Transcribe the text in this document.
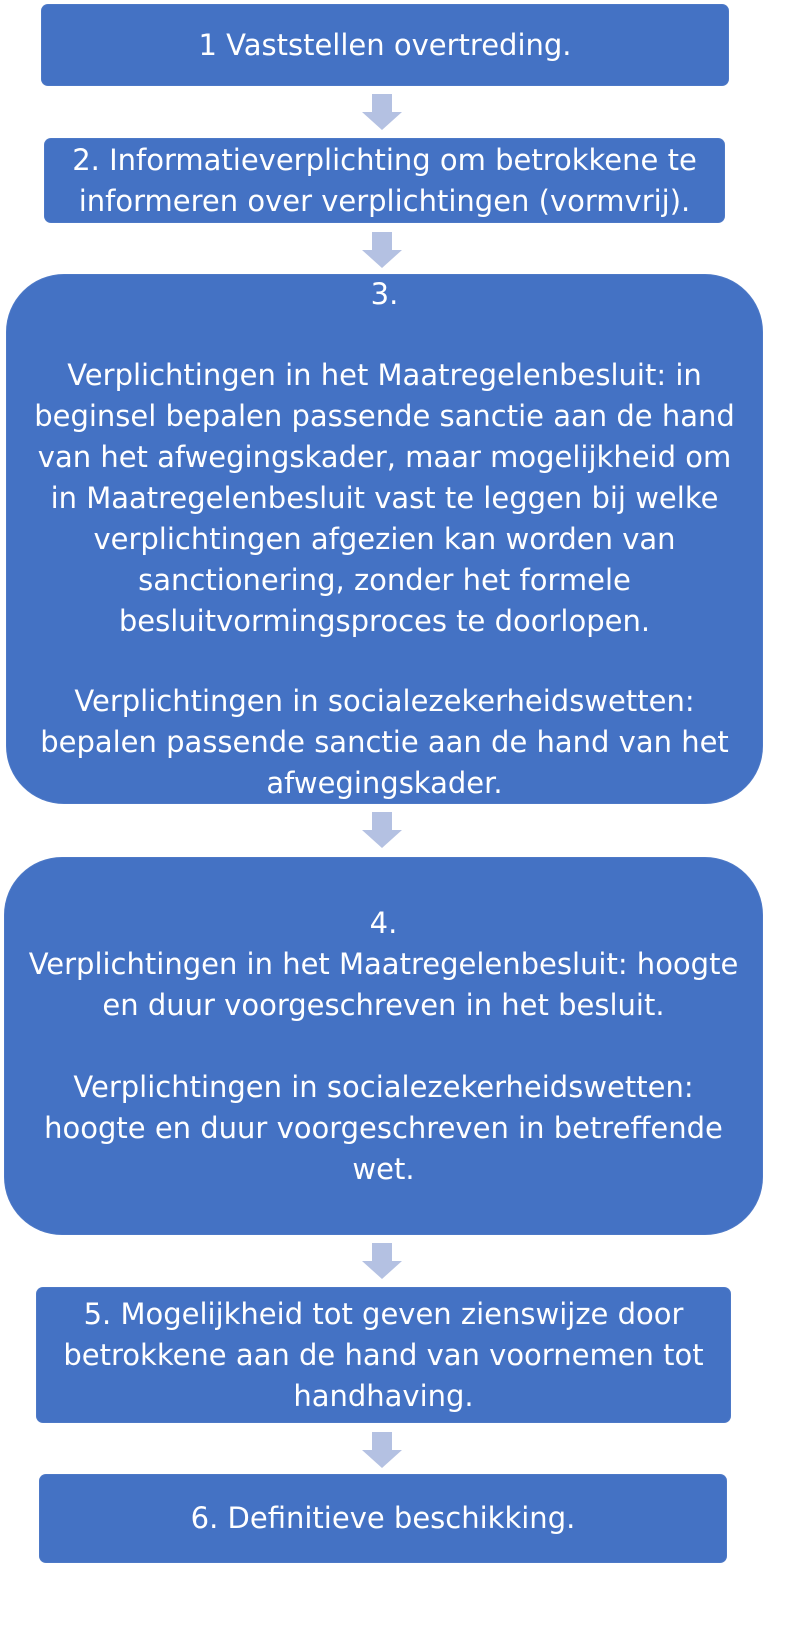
1 Vaststellen overtreding.
2. Informatieverplichting om betrokkene te
informeren over verplichtingen (vormvrij).
3.
Verplichtingen in het Maatregelenbesluit: in
beginsel bepalen passende sanctie aan de hand
van het afwegingskader, maar mogelijkheid om
in Maatregelenbesluit vast te leggen bij welke
verplichtingen afgezien kan worden van
sanctionering, zonder het formele
besluitvormingsproces te doorlopen.
Verplichtingen in socialezekerheidswetten:
bepalen passende sanctie aan de hand van het
afwegingskader.
4.
Verplichtingen in het Maatregelenbesluit: hoogte
en duur voorgeschreven in het besluit.
Verplichtingen in socialezekerheidswetten:
hoogte en duur voorgeschreven in betreffende
wet.
5. Mogelijkheid tot geven zienswijze door
betrokkene aan de hand van voornemen tot
handhaving.
6. Definitieve beschikking.
